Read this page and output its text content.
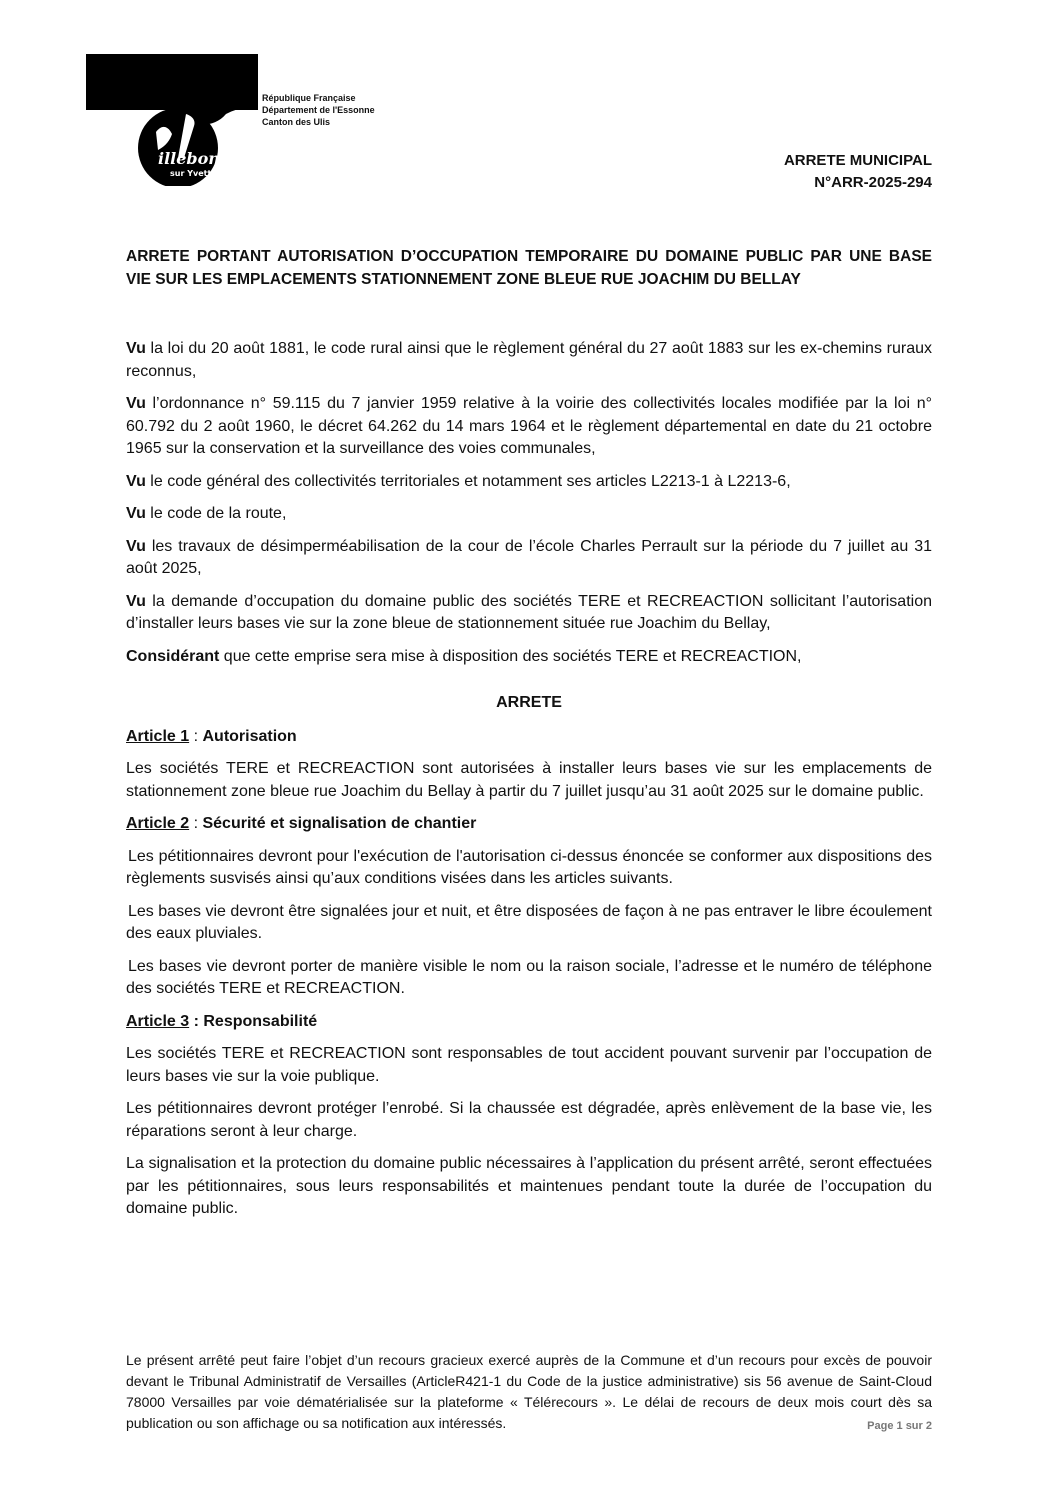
illebon
sur Yvette
République Française
Département de l'Essonne
Canton des Ulis
ARRETE MUNICIPAL
N°ARR-2025-294
ARRETE PORTANT AUTORISATION D’OCCUPATION TEMPORAIRE DU DOMAINE PUBLIC PAR UNE BASE VIE SUR LES EMPLACEMENTS STATIONNEMENT ZONE BLEUE RUE JOACHIM DU BELLAY

Vu la loi du 20 août 1881, le code rural ainsi que le règlement général du 27 août 1883 sur les ex-chemins ruraux reconnus,

Vu l’ordonnance n° 59.115 du 7 janvier 1959 relative à la voirie des collectivités locales modifiée par la loi n° 60.792 du 2 août 1960, le décret 64.262 du 14 mars 1964 et le règlement départemental en date du 21 octobre 1965 sur la conservation et la surveillance des voies communales,

Vu le code général des collectivités territoriales et notamment ses articles L2213-1 à L2213-6,

Vu le code de la route,

Vu les travaux de désimperméabilisation de la cour de l’école Charles Perrault sur la période du 7 juillet au 31 août 2025,

Vu la demande d’occupation du domaine public des sociétés TERE et RECREACTION sollicitant l’autorisation d’installer leurs bases vie sur la zone bleue de stationnement située rue Joachim du Bellay,

Considérant que cette emprise sera mise à disposition des sociétés TERE et RECREACTION,

ARRETE

Article 1 : Autorisation

Les sociétés TERE et RECREACTION sont autorisées à installer leurs bases vie sur les emplacements de stationnement zone bleue rue Joachim du Bellay à partir du 7 juillet jusqu’au 31 août 2025 sur le domaine public.

Article 2 : Sécurité et signalisation de chantier

Les pétitionnaires devront pour l'exécution de l'autorisation ci-dessus énoncée se conformer aux dispositions des règlements susvisés ainsi qu’aux conditions visées dans les articles suivants.

Les bases vie devront être signalées jour et nuit, et être disposées de façon à ne pas entraver le libre écoulement des eaux pluviales.

Les bases vie devront porter de manière visible le nom ou la raison sociale, l’adresse et le numéro de téléphone des sociétés TERE et RECREACTION.

Article 3 : Responsabilité

Les sociétés TERE et RECREACTION sont responsables de tout accident pouvant survenir par l’occupation de leurs bases vie sur la voie publique.

Les pétitionnaires devront protéger l’enrobé. Si la chaussée est dégradée, après enlèvement de la base vie, les réparations seront à leur charge.

La signalisation et la protection du domaine public nécessaires à l’application du présent arrêté, seront effectuées par les pétitionnaires, sous leurs responsabilités et maintenues pendant toute la durée de l’occupation du domaine public.

Le présent arrêté peut faire l’objet d’un recours gracieux exercé auprès de la Commune et d’un recours pour excès de pouvoir devant le Tribunal Administratif de Versailles (ArticleR421-1 du Code de la justice administrative) sis 56 avenue de Saint-Cloud 78000 Versailles par voie dématérialisée sur la plateforme « Télérecours ». Le délai de recours de deux mois court dès sa publication ou son affichage ou sa notification aux intéressés.	Page 1 sur 2
